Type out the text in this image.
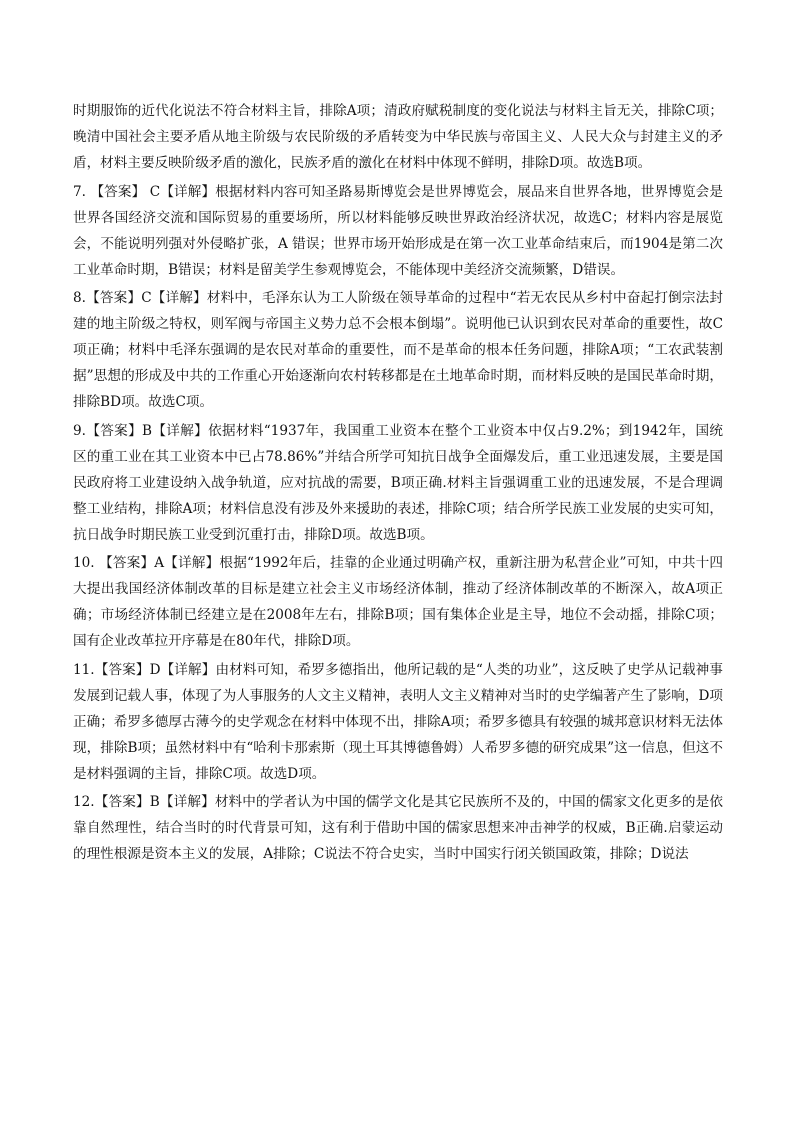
时期服饰的近代化说法不符合材料主旨，排除A项；清政府赋税制度的变化说法与材料主旨无关，排除C项；晚清中国社会主要矛盾从地主阶级与农民阶级的矛盾转变为中华民族与帝国主义、人民大众与封建主义的矛盾，材料主要反映阶级矛盾的激化，民族矛盾的激化在材料中体现不鲜明，排除D项。故选B项。

7. 【答案】 C【详解】根据材料内容可知圣路易斯博览会是世界博览会，展品来自世界各地，世界博览会是世界各国经济交流和国际贸易的重要场所，所以材料能够反映世界政治经济状况，故选C；材料内容是展览会，不能说明列强对外侵略扩张，A 错误；世界市场开始形成是在第一次工业革命结束后，而1904是第二次工业革命时期，B错误；材料是留美学生参观博览会，不能体现中美经济交流频繁，D错误。

8.【答案】C【详解】材料中，毛泽东认为工人阶级在领导革命的过程中“若无农民从乡村中奋起打倒宗法封建的地主阶级之特权，则军阀与帝国主义势力总不会根本倒塌”。说明他已认识到农民对革命的重要性，故C项正确；材料中毛泽东强调的是农民对革命的重要性，而不是革命的根本任务问题，排除A项；“工农武装割据”思想的形成及中共的工作重心开始逐渐向农村转移都是在土地革命时期，而材料反映的是国民革命时期，排除BD项。故选C项。

9.【答案】B【详解】依据材料“1937年，我国重工业资本在整个工业资本中仅占9.2%；到1942年，国统区的重工业在其工业资本中已占78.86%”并结合所学可知抗日战争全面爆发后，重工业迅速发展，主要是国民政府将工业建设纳入战争轨道，应对抗战的需要，B项正确.材料主旨强调重工业的迅速发展，不是合理调整工业结构，排除A项；材料信息没有涉及外来援助的表述，排除C项；结合所学民族工业发展的史实可知，抗日战争时期民族工业受到沉重打击，排除D项。故选B项。

10. 【答案】A【详解】根据“1992年后，挂靠的企业通过明确产权，重新注册为私营企业”可知，中共十四大提出我国经济体制改革的目标是建立社会主义市场经济体制，推动了经济体制改革的不断深入，故A项正确；市场经济体制已经建立是在2008年左右，排除B项；国有集体企业是主导，地位不会动摇，排除C项；国有企业改革拉开序幕是在80年代，排除D项。

11.【答案】D【详解】由材料可知，希罗多德指出，他所记载的是“人类的功业”，这反映了史学从记载神事发展到记载人事，体现了为人事服务的人文主义精神，表明人文主义精神对当时的史学编著产生了影响，D项正确；希罗多德厚古薄今的史学观念在材料中体现不出，排除A项；希罗多德具有较强的城邦意识材料无法体现，排除B项；虽然材料中有“哈利卡那索斯（现土耳其博德鲁姆）人希罗多德的研究成果”这一信息，但这不是材料强调的主旨，排除C项。故选D项。

12.【答案】B【详解】材料中的学者认为中国的儒学文化是其它民族所不及的，中国的儒家文化更多的是依靠自然理性，结合当时的时代背景可知，这有利于借助中国的儒家思想来冲击神学的权威，B正确.启蒙运动的理性根源是资本主义的发展，A排除；C说法不符合史实，当时中国实行闭关锁国政策，排除；D说法
